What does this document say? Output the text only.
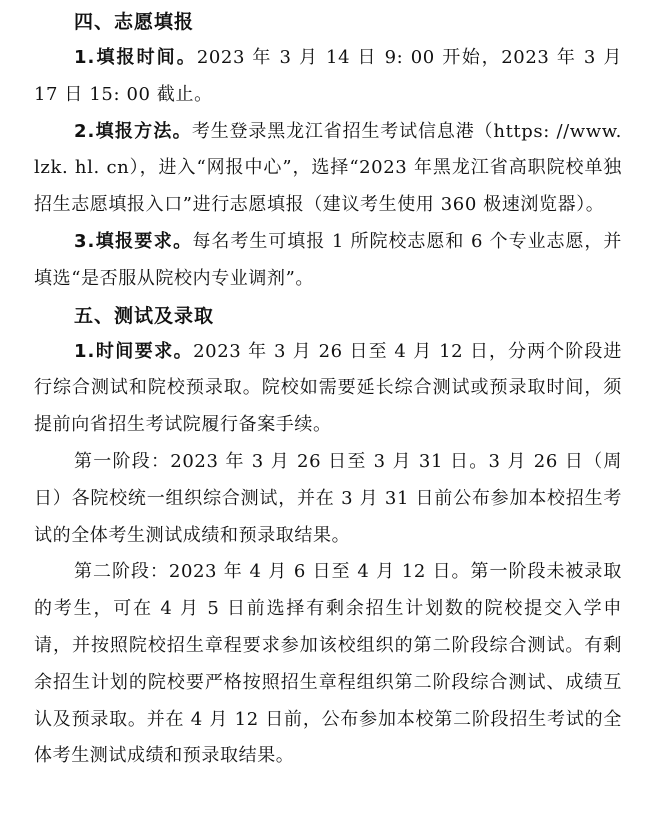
四、志愿填报

1.填报时间。2023 年 3 月 14 日 9: 00 开始，2023 年 3 月 17 日 15: 00 截止。

2.填报方法。考生登录黑龙江省招生考试信息港（https: //www. lzk. hl. cn），进入“网报中心”，选择“2023 年黑龙江省高职院校单独招生志愿填报入口”进行志愿填报（建议考生使用 360 极速浏览器）。

3.填报要求。每名考生可填报 1 所院校志愿和 6 个专业志愿，并填选“是否服从院校内专业调剂”。

五、测试及录取

1.时间要求。2023 年 3 月 26 日至 4 月 12 日，分两个阶段进行综合测试和院校预录取。院校如需要延长综合测试或预录取时间，须提前向省招生考试院履行备案手续。

第一阶段：2023 年 3 月 26 日至 3 月 31 日。3 月 26 日（周日）各院校统一组织综合测试，并在 3 月 31 日前公布参加本校招生考试的全体考生测试成绩和预录取结果。

第二阶段：2023 年 4 月 6 日至 4 月 12 日。第一阶段未被录取的考生，可在 4 月 5 日前选择有剩余招生计划数的院校提交入学申请，并按照院校招生章程要求参加该校组织的第二阶段综合测试。有剩余招生计划的院校要严格按照招生章程组织第二阶段综合测试、成绩互认及预录取。并在 4 月 12 日前，公布参加本校第二阶段招生考试的全体考生测试成绩和预录取结果。
